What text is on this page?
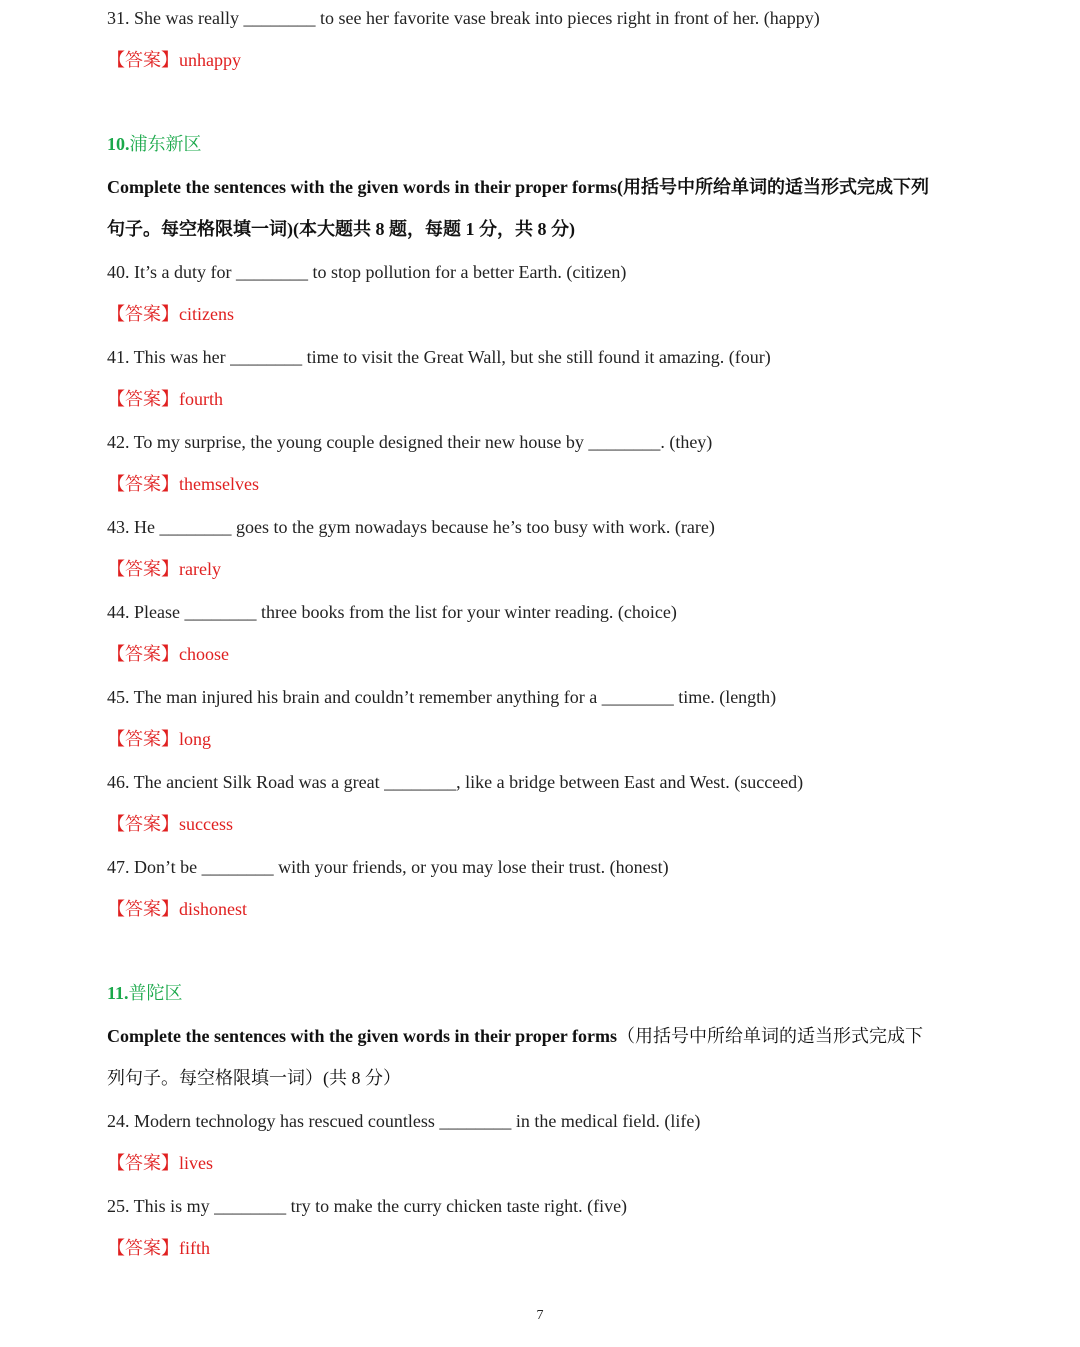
31. She was really ________ to see her favorite vase break into pieces right in front of her. (happy)
【答案】unhappy
10.浦东新区
Complete the sentences with the given words in their proper forms(用括号中所给单词的适当形式完成下列
句子。每空格限填一词)(本大题共 8 题，每题 1 分，共 8 分)
40. It’s a duty for ________ to stop pollution for a better Earth. (citizen)
【答案】citizens
41. This was her ________ time to visit the Great Wall, but she still found it amazing. (four)
【答案】fourth
42. To my surprise, the young couple designed their new house by ________. (they)
【答案】themselves
43. He ________ goes to the gym nowadays because he’s too busy with work. (rare)
【答案】rarely
44. Please ________ three books from the list for your winter reading. (choice)
【答案】choose
45. The man injured his brain and couldn’t remember anything for a ________ time. (length)
【答案】long
46. The ancient Silk Road was a great ________, like a bridge between East and West. (succeed)
【答案】success
47. Don’t be ________ with your friends, or you may lose their trust. (honest)
【答案】dishonest
11.普陀区
Complete the sentences with the given words in their proper forms（用括号中所给单词的适当形式完成下
列句子。每空格限填一词）(共 8 分）
24. Modern technology has rescued countless ________ in the medical field. (life)
【答案】lives
25. This is my ________ try to make the curry chicken taste right. (five)
【答案】fifth
7
